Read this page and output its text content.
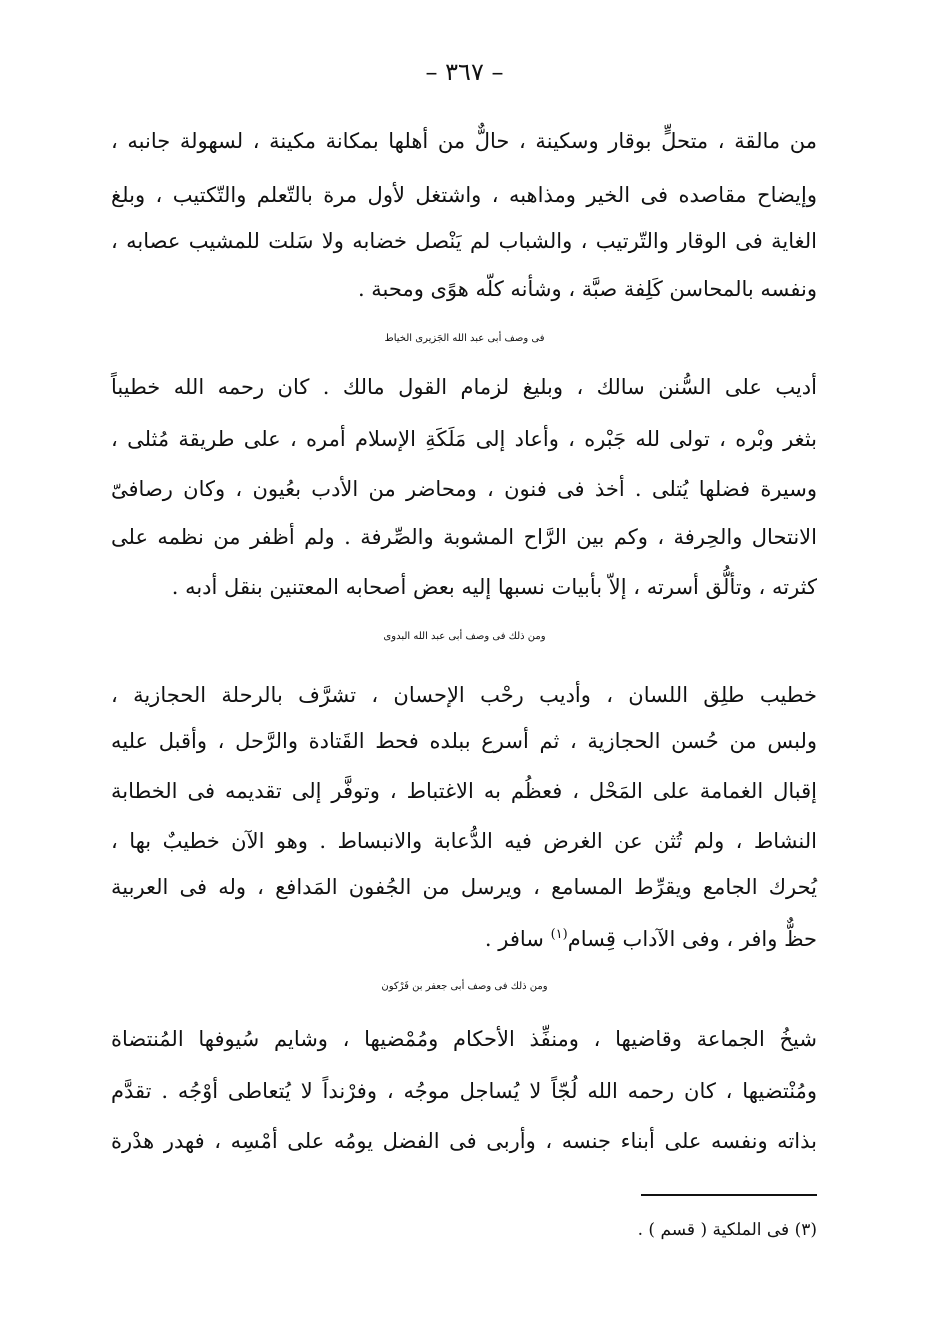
– ٣٦٧ –
من مالقة ، متحلٍّ بوقار وسكينة ، حالٌّ من أهلها بمكانة مكينة ، لسهولة جانبه ،
وإيضاح مقاصده فى الخير ومذاهبه ، واشتغل لأول مرة بالتّعلم والتّكتيب ، وبلغ
الغاية فى الوقار والتّرتيب ، والشباب لم يَنْصل خضابه ولا سَلت للمشيب عصابه ،
ونفسه بالمحاسن كَلِفة صبَّة ، وشأنه كلّه هوًى ومحبة .
فى وصف أبى عبد الله الجَزيرى الخياط
أديب على السُّنن سالك ، وبليغ لزمام القول مالك . كان رحمه الله خطيباً
بثغر وبْره ، تولى لله جَبْره ، وأعاد إلى مَلَكَةِ الإسلام أمره ، على طريقة مُثلى ،
وسيرة فضلها يُتلى . أخذ فى فنون ، ومحاضر من الأدب بعُيون ، وكان رصافىّ
الانتحال والحِرفة ، وكم بين الرَّاح المشوبة والصِّرفة . ولم أظفر من نظمه على
كثرته ، وتألُّق أسرته ، إلاّ بأبيات نسبها إليه بعض أصحابه المعتنين بنقل أدبه .
ومن ذلك فى وصف أبى عبد الله البدوى
خطيب طلِق اللسان ، وأديب رحْب الإحسان ، تشرَّف بالرحلة الحجازية ،
ولبس من حُسن الحجازية ، ثم أسرع ببلده فحط القَتادة والرَّحل ، وأقبل عليه
إقبال الغمامة على المَحْل ، فعظُم به الاغتباط ، وتوفَّر إلى تقديمه فى الخطابة
النشاط ، ولم تُثن عن الغرض فيه الدُّعابة والانبساط . وهو الآن خطيبٌ بها ،
يُحرك الجامع ويقرِّط المسامع ، ويرسل من الجُفون المَدافع ، وله فى العربية
حظٌّ وافر ، وفى الآداب قِسام$^{(١)}$ سافر .
ومن ذلك فى وصف أبى جعفر بن فَرْكون
شيخُ الجماعة وقاضيها ، ومنفِّذ الأحكام ومُمْضيها ، وشايم سُيوفها المُنتضاة
ومُنْتضيها ، كان رحمه الله لُجّاً لا يُساجل موجُه ، وفرْنداً لا يُتعاطى أوْجُه . تقدَّم
بذاته ونفسه على أبناء جنسه ، وأربى فى الفضل يومُه على أمْسِه ، فهدر هدْرة
(٣) فى الملكية ( قسم ) .
